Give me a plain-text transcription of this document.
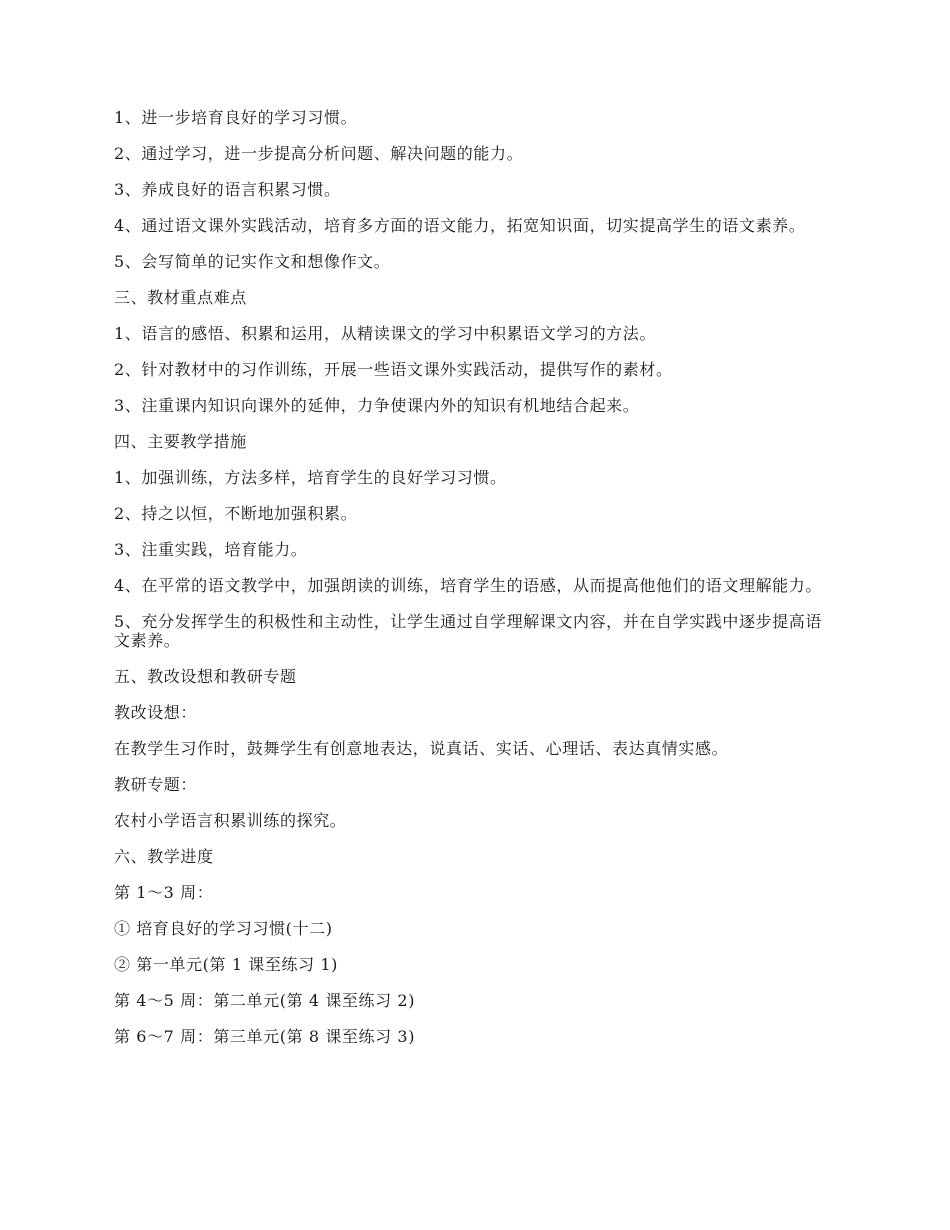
1、进一步培育良好的学习习惯。

2、通过学习，进一步提高分析问题、解决问题的能力。

3、养成良好的语言积累习惯。

4、通过语文课外实践活动，培育多方面的语文能力，拓宽知识面，切实提高学生的语文素养。

5、会写简单的记实作文和想像作文。

三、教材重点难点

1、语言的感悟、积累和运用，从精读课文的学习中积累语文学习的方法。

2、针对教材中的习作训练，开展一些语文课外实践活动，提供写作的素材。

3、注重课内知识向课外的延伸，力争使课内外的知识有机地结合起来。

四、主要教学措施

1、加强训练，方法多样，培育学生的良好学习习惯。

2、持之以恒，不断地加强积累。

3、注重实践，培育能力。

4、在平常的语文教学中，加强朗读的训练，培育学生的语感，从而提高他他们的语文理解能力。

5、充分发挥学生的积极性和主动性，让学生通过自学理解课文内容，并在自学实践中逐步提高语文素养。

五、教改设想和教研专题

教改设想：

在教学生习作时，鼓舞学生有创意地表达，说真话、实话、心理话、表达真情实感。

教研专题：

农村小学语言积累训练的探究。

六、教学进度

第 1～3 周：

① 培育良好的学习习惯(十二)

② 第一单元(第 1 课至练习 1)

第 4～5 周：第二单元(第 4 课至练习 2)

第 6～7 周：第三单元(第 8 课至练习 3)
